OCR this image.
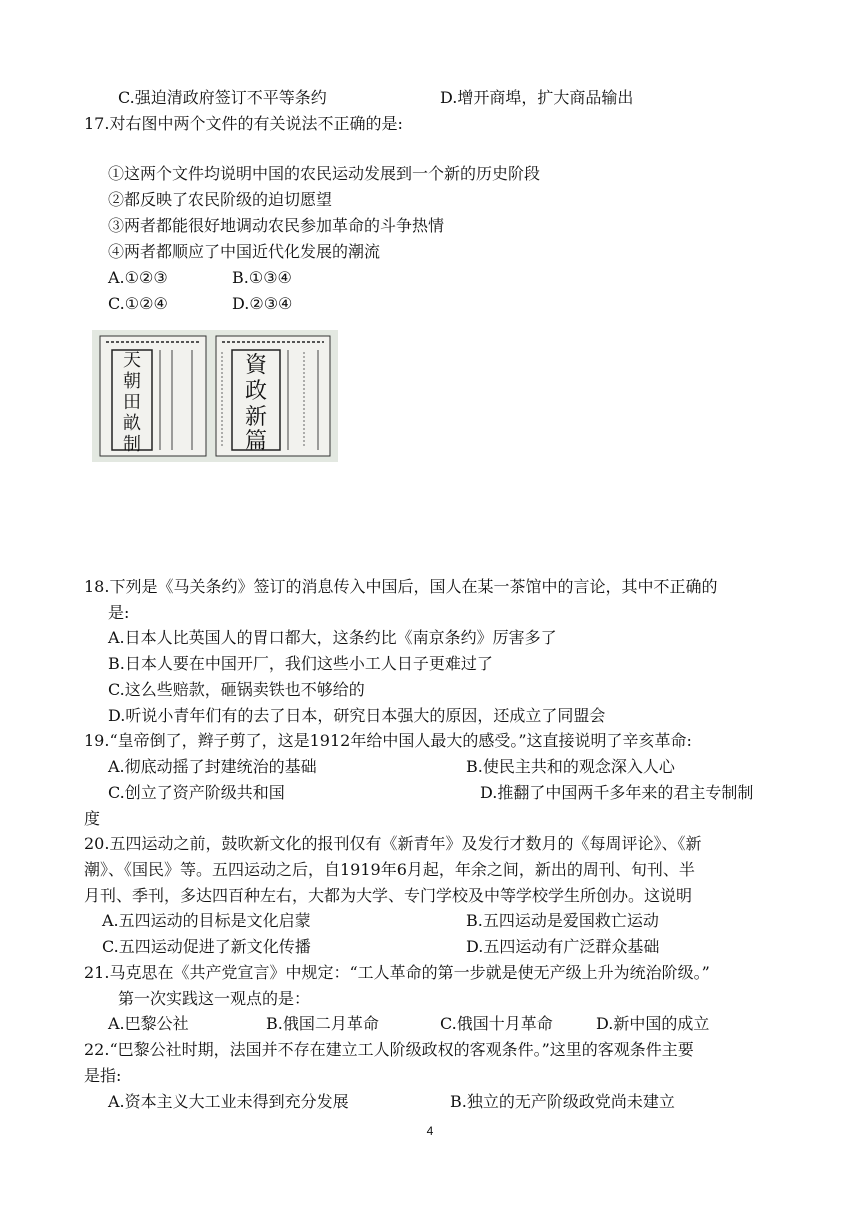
C.强迫清政府签订不平等条约	D.增开商埠，扩大商品输出
17.对右图中两个文件的有关说法不正确的是:
①这两个文件均说明中国的农民运动发展到一个新的历史阶段
②都反映了农民阶级的迫切愿望
③两者都能很好地调动农民参加革命的斗争热情
④两者都顺应了中国近代化发展的潮流
A.①②③	B.①③④
C.①②④	D.②③④
天
朝
田
畝
制
資
政
新
篇
18.下列是《马关条约》签订的消息传入中国后，国人在某一茶馆中的言论，其中不正确的
是:
A.日本人比英国人的胃口都大，这条约比《南京条约》厉害多了
B.日本人要在中国开厂，我们这些小工人日子更难过了
C.这么些赔款，砸锅卖铁也不够给的
D.听说小青年们有的去了日本，研究日本强大的原因，还成立了同盟会
19.“皇帝倒了，辫子剪了，这是1912年给中国人最大的感受。”这直接说明了辛亥革命:
A.彻底动摇了封建统治的基础	B.使民主共和的观念深入人心
C.创立了资产阶级共和国	D.推翻了中国两千多年来的君主专制制
度
20.五四运动之前，鼓吹新文化的报刊仅有《新青年》及发行才数月的《每周评论》、《新
潮》、《国民》等。五四运动之后，自1919年6月起，年余之间，新出的周刊、旬刊、半
月刊、季刊，多达四百种左右，大都为大学、专门学校及中等学校学生所创办。这说明
A.五四运动的目标是文化启蒙	B.五四运动是爱国救亡运动
C.五四运动促进了新文化传播	D.五四运动有广泛群众基础
21.马克思在《共产党宣言》中规定：“工人革命的第一步就是使无产级上升为统治阶级。”
第一次实践这一观点的是：
A.巴黎公社	B.俄国二月革命	C.俄国十月革命	D.新中国的成立
22.“巴黎公社时期，法国并不存在建立工人阶级政权的客观条件。”这里的客观条件主要
是指:
A.资本主义大工业未得到充分发展	B.独立的无产阶级政党尚未建立
4
